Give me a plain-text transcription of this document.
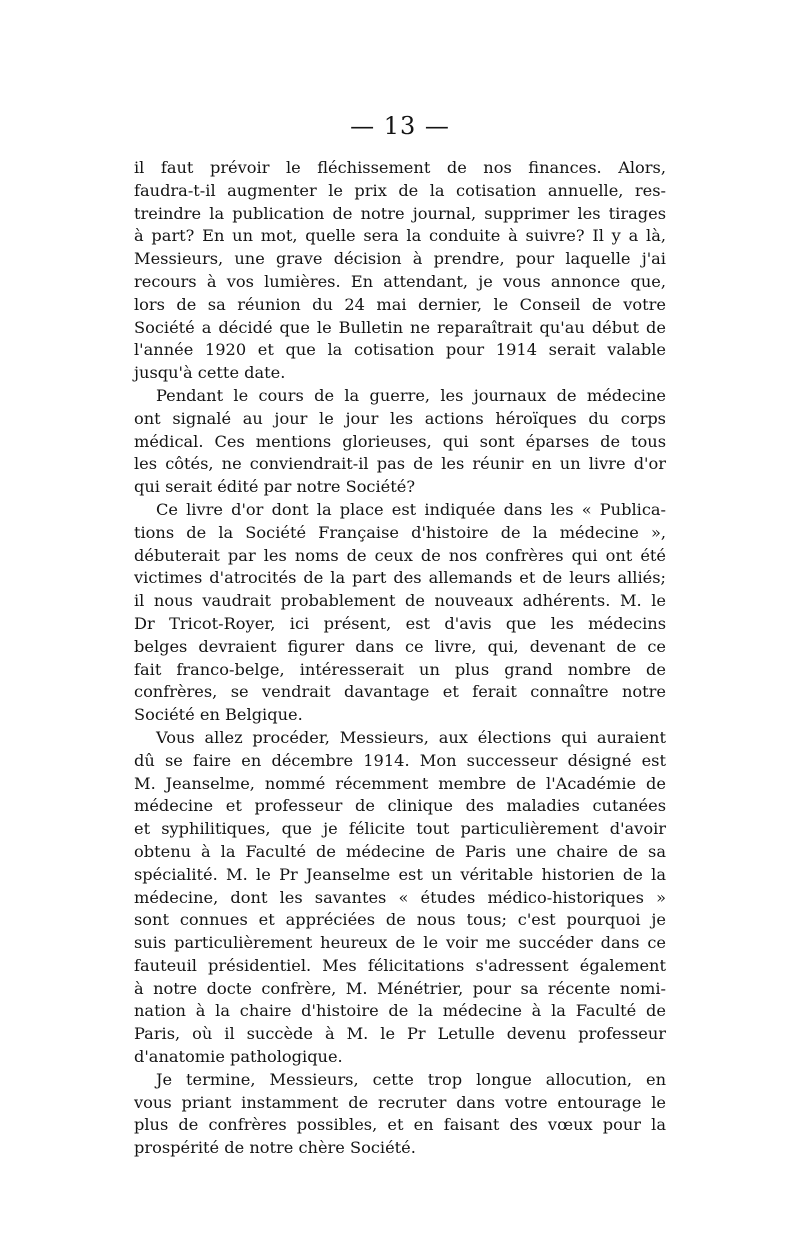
— 13 —
il faut prévoir le fléchissement de nos finances. Alors,
faudra-t-il augmenter le prix de la cotisation annuelle, res-
treindre la publication de notre journal, supprimer les tirages
à part? En un mot, quelle sera la conduite à suivre? Il y a là,
Messieurs, une grave décision à prendre, pour laquelle j'ai
recours à vos lumières. En attendant, je vous annonce que,
lors de sa réunion du 24 mai dernier, le Conseil de votre
Société a décidé que le Bulletin ne reparaîtrait qu'au début de
l'année 1920 et que la cotisation pour 1914 serait valable
jusqu'à cette date.
Pendant le cours de la guerre, les journaux de médecine
ont signalé au jour le jour les actions héroïques du corps
médical. Ces mentions glorieuses, qui sont éparses de tous
les côtés, ne conviendrait-il pas de les réunir en un livre d'or
qui serait édité par notre Société?
Ce livre d'or dont la place est indiquée dans les « Publica-
tions de la Société Française d'histoire de la médecine »,
débuterait par les noms de ceux de nos confrères qui ont été
victimes d'atrocités de la part des allemands et de leurs alliés;
il nous vaudrait probablement de nouveaux adhérents. M. le
Dr Tricot-Royer, ici présent, est d'avis que les médecins
belges devraient figurer dans ce livre, qui, devenant de ce
fait franco-belge, intéresserait un plus grand nombre de
confrères, se vendrait davantage et ferait connaître notre
Société en Belgique.
Vous allez procéder, Messieurs, aux élections qui auraient
dû se faire en décembre 1914. Mon successeur désigné est
M. Jeanselme, nommé récemment membre de l'Académie de
médecine et professeur de clinique des maladies cutanées
et syphilitiques, que je félicite tout particulièrement d'avoir
obtenu à la Faculté de médecine de Paris une chaire de sa
spécialité. M. le Pr Jeanselme est un véritable historien de la
médecine, dont les savantes « études médico-historiques »
sont connues et appréciées de nous tous; c'est pourquoi je
suis particulièrement heureux de le voir me succéder dans ce
fauteuil présidentiel. Mes félicitations s'adressent également
à notre docte confrère, M. Ménétrier, pour sa récente nomi-
nation à la chaire d'histoire de la médecine à la Faculté de
Paris, où il succède à M. le Pr Letulle devenu professeur
d'anatomie pathologique.
Je termine, Messieurs, cette trop longue allocution, en
vous priant instamment de recruter dans votre entourage le
plus de confrères possibles, et en faisant des vœux pour la
prospérité de notre chère Société.
